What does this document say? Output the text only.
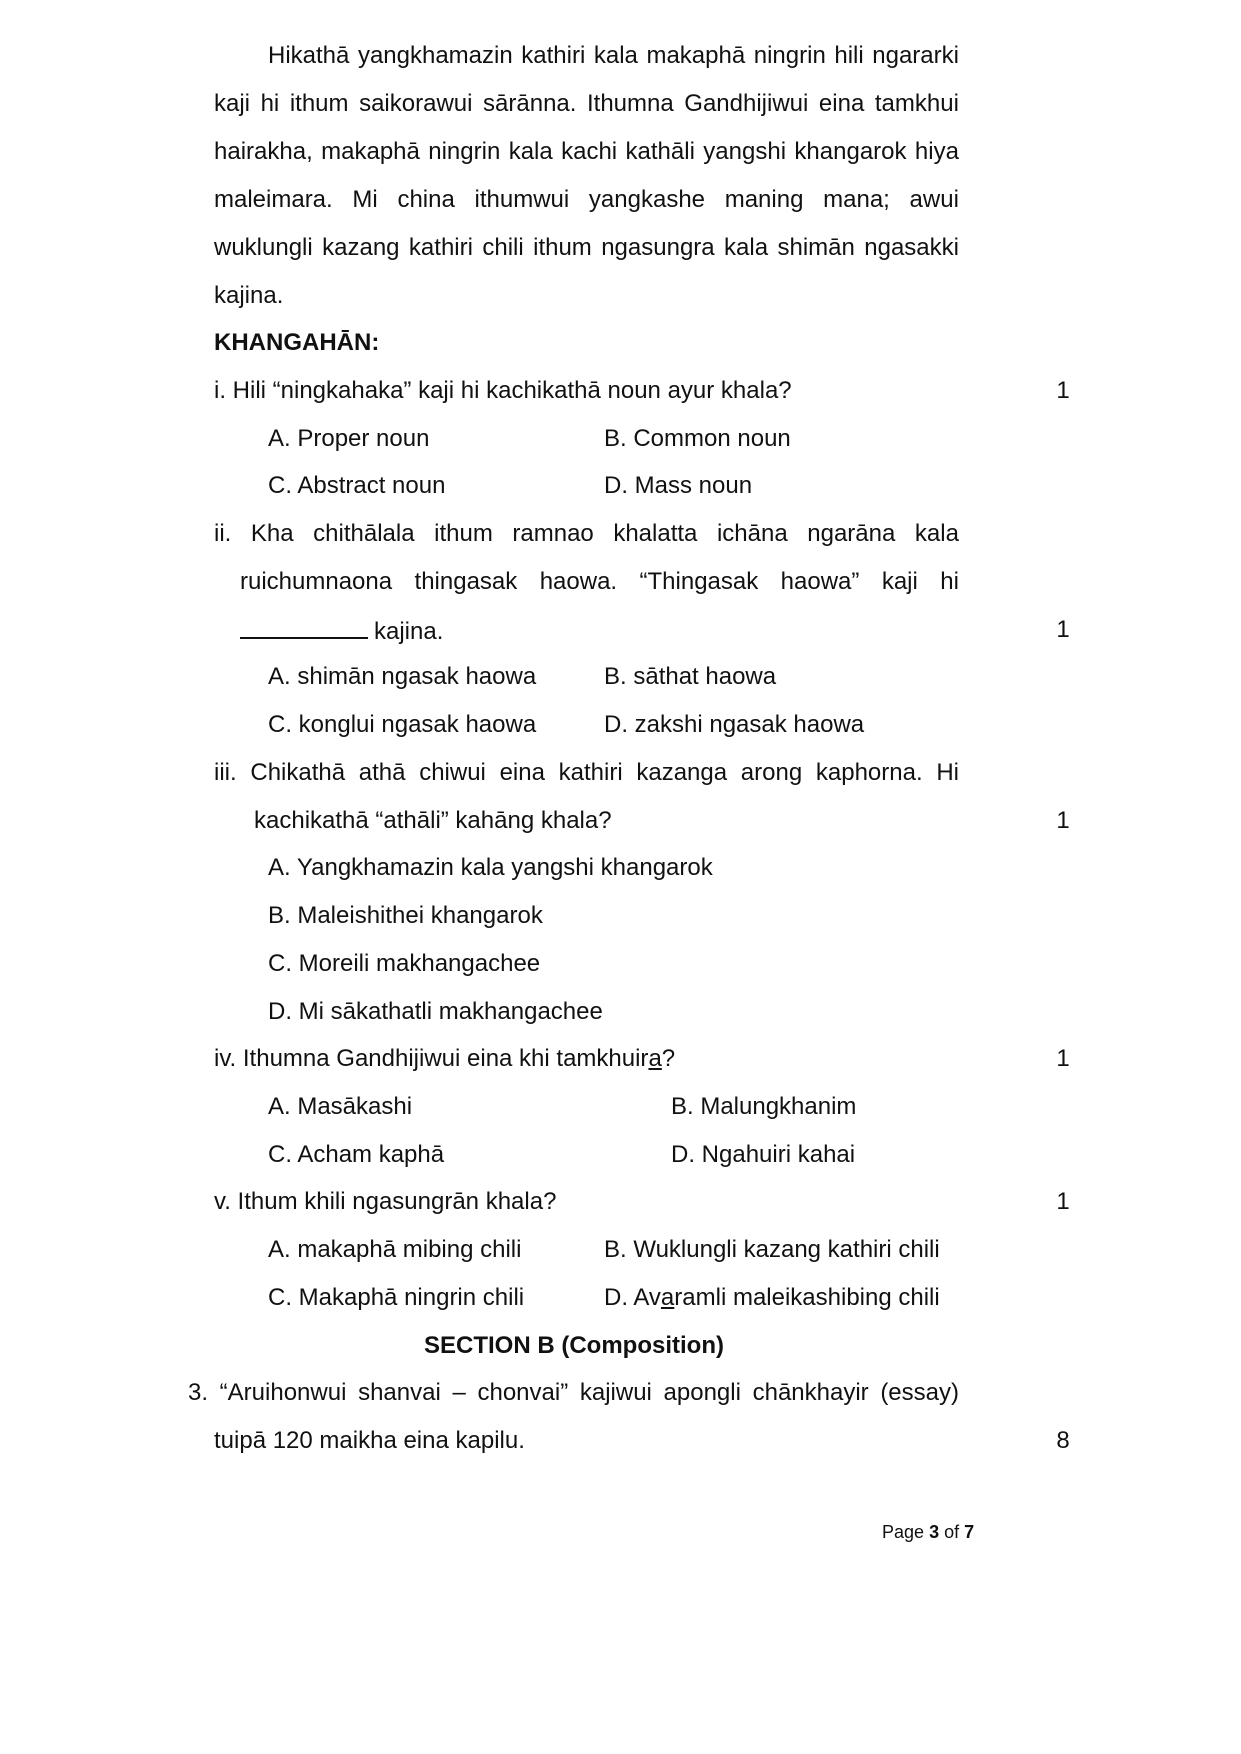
Hikathā yangkhamazin kathiri kala makaphā ningrin hili ngararki
kaji hi ithum saikorawui sārānna. Ithumna Gandhijiwui eina tamkhui
hairakha, makaphā ningrin kala kachi kathāli yangshi khangarok hiya
maleimara. Mi china ithumwui yangkashe maning mana; awui
wuklungli kazang kathiri chili ithum ngasungra kala shimān ngasakki
kajina.
KHANGAHĀN:
i. Hili “ningkahaka” kaji hi kachikathā noun ayur khala?	1
A. Proper noun	B. Common noun
C. Abstract noun	D. Mass noun
ii. Kha chithālala ithum ramnao khalatta ichāna ngarāna kala
ruichumnaona thingasak haowa. “Thingasak haowa” kaji hi
kajina.	1
A. shimān ngasak haowa	B. sāthat haowa
C. konglui ngasak haowa	D. zakshi ngasak haowa
iii. Chikathā athā chiwui eina kathiri kazanga arong kaphorna. Hi
kachikathā “athāli” kahāng khala?	1
A. Yangkhamazin kala yangshi khangarok
B. Maleishithei khangarok
C. Moreili makhangachee
D. Mi sākathatli makhangachee
iv. Ithumna Gandhijiwui eina khi tamkhuira?	1
A. Masākashi	B. Malungkhanim
C. Acham kaphā	D. Ngahuiri kahai
v. Ithum khili ngasungrān khala?	1
A. makaphā mibing chili	B. Wuklungli kazang kathiri chili
C. Makaphā ningrin chili	D. Avaramli maleikashibing chili
SECTION B (Composition)
3. “Aruihonwui shanvai – chonvai” kajiwui apongli chānkhayir (essay)
tuipā 120 maikha eina kapilu.	8
Page 3 of 7
